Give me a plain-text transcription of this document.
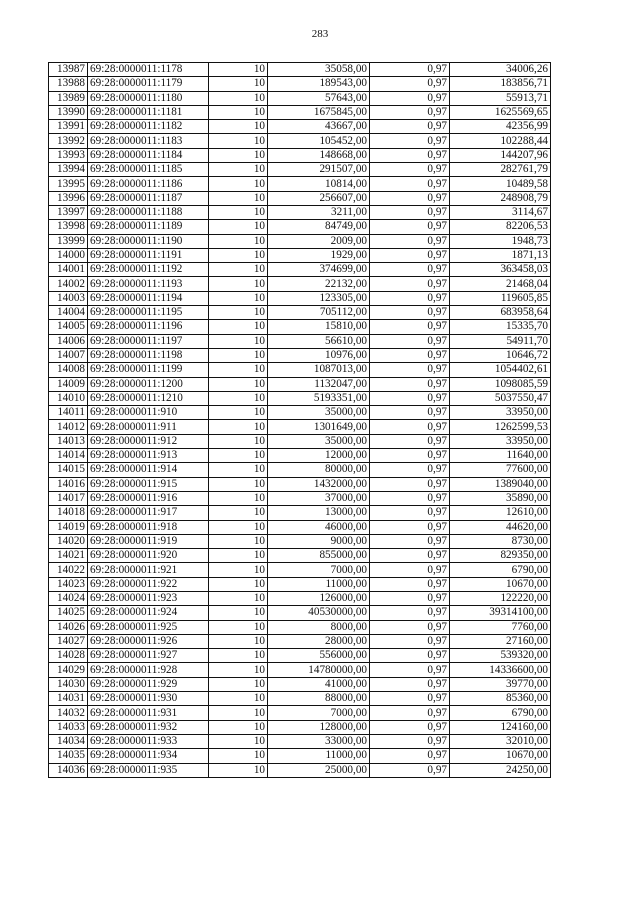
283
13987	69:28:0000011:1178	10	35058,00	0,97	34006,26
13988	69:28:0000011:1179	10	189543,00	0,97	183856,71
13989	69:28:0000011:1180	10	57643,00	0,97	55913,71
13990	69:28:0000011:1181	10	1675845,00	0,97	1625569,65
13991	69:28:0000011:1182	10	43667,00	0,97	42356,99
13992	69:28:0000011:1183	10	105452,00	0,97	102288,44
13993	69:28:0000011:1184	10	148668,00	0,97	144207,96
13994	69:28:0000011:1185	10	291507,00	0,97	282761,79
13995	69:28:0000011:1186	10	10814,00	0,97	10489,58
13996	69:28:0000011:1187	10	256607,00	0,97	248908,79
13997	69:28:0000011:1188	10	3211,00	0,97	3114,67
13998	69:28:0000011:1189	10	84749,00	0,97	82206,53
13999	69:28:0000011:1190	10	2009,00	0,97	1948,73
14000	69:28:0000011:1191	10	1929,00	0,97	1871,13
14001	69:28:0000011:1192	10	374699,00	0,97	363458,03
14002	69:28:0000011:1193	10	22132,00	0,97	21468,04
14003	69:28:0000011:1194	10	123305,00	0,97	119605,85
14004	69:28:0000011:1195	10	705112,00	0,97	683958,64
14005	69:28:0000011:1196	10	15810,00	0,97	15335,70
14006	69:28:0000011:1197	10	56610,00	0,97	54911,70
14007	69:28:0000011:1198	10	10976,00	0,97	10646,72
14008	69:28:0000011:1199	10	1087013,00	0,97	1054402,61
14009	69:28:0000011:1200	10	1132047,00	0,97	1098085,59
14010	69:28:0000011:1210	10	5193351,00	0,97	5037550,47
14011	69:28:0000011:910	10	35000,00	0,97	33950,00
14012	69:28:0000011:911	10	1301649,00	0,97	1262599,53
14013	69:28:0000011:912	10	35000,00	0,97	33950,00
14014	69:28:0000011:913	10	12000,00	0,97	11640,00
14015	69:28:0000011:914	10	80000,00	0,97	77600,00
14016	69:28:0000011:915	10	1432000,00	0,97	1389040,00
14017	69:28:0000011:916	10	37000,00	0,97	35890,00
14018	69:28:0000011:917	10	13000,00	0,97	12610,00
14019	69:28:0000011:918	10	46000,00	0,97	44620,00
14020	69:28:0000011:919	10	9000,00	0,97	8730,00
14021	69:28:0000011:920	10	855000,00	0,97	829350,00
14022	69:28:0000011:921	10	7000,00	0,97	6790,00
14023	69:28:0000011:922	10	11000,00	0,97	10670,00
14024	69:28:0000011:923	10	126000,00	0,97	122220,00
14025	69:28:0000011:924	10	40530000,00	0,97	39314100,00
14026	69:28:0000011:925	10	8000,00	0,97	7760,00
14027	69:28:0000011:926	10	28000,00	0,97	27160,00
14028	69:28:0000011:927	10	556000,00	0,97	539320,00
14029	69:28:0000011:928	10	14780000,00	0,97	14336600,00
14030	69:28:0000011:929	10	41000,00	0,97	39770,00
14031	69:28:0000011:930	10	88000,00	0,97	85360,00
14032	69:28:0000011:931	10	7000,00	0,97	6790,00
14033	69:28:0000011:932	10	128000,00	0,97	124160,00
14034	69:28:0000011:933	10	33000,00	0,97	32010,00
14035	69:28:0000011:934	10	11000,00	0,97	10670,00
14036	69:28:0000011:935	10	25000,00	0,97	24250,00
